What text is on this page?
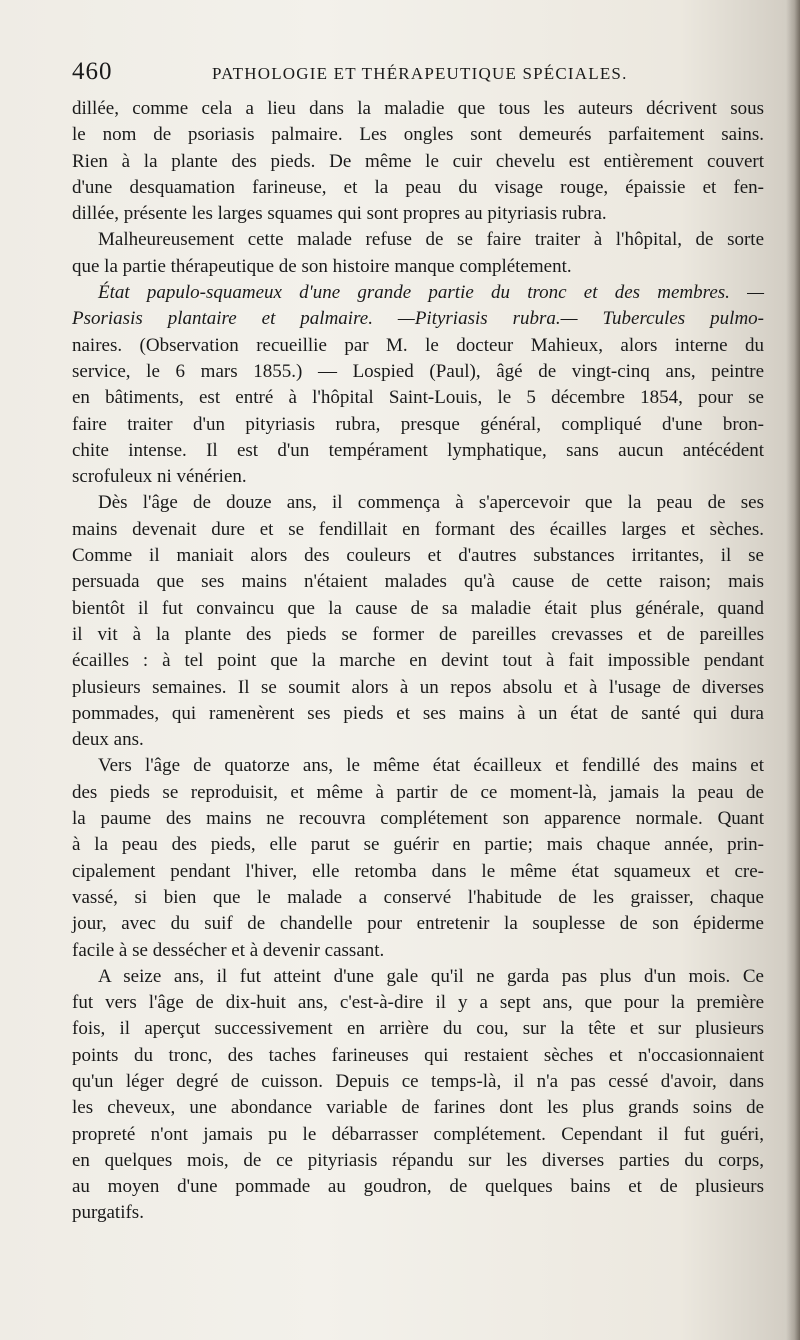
460	PATHOLOGIE ET THÉRAPEUTIQUE SPÉCIALES.
dillée, comme cela a lieu dans la maladie que tous les auteurs décrivent sous
le nom de psoriasis palmaire. Les ongles sont demeurés parfaitement sains.
Rien à la plante des pieds. De même le cuir chevelu est entièrement couvert
d'une desquamation farineuse, et la peau du visage rouge, épaissie et fen-
dillée, présente les larges squames qui sont propres au pityriasis rubra.
Malheureusement cette malade refuse de se faire traiter à l'hôpital, de sorte
que la partie thérapeutique de son histoire manque complétement.
État papulo-squameux d'une grande partie du tronc et des membres. —
Psoriasis plantaire et palmaire. —Pityriasis rubra.— Tubercules pulmo-
naires. (Observation recueillie par M. le docteur Mahieux, alors interne du
service, le 6 mars 1855.) — Lospied (Paul), âgé de vingt-cinq ans, peintre
en bâtiments, est entré à l'hôpital Saint-Louis, le 5 décembre 1854, pour se
faire traiter d'un pityriasis rubra, presque général, compliqué d'une bron-
chite intense. Il est d'un tempérament lymphatique, sans aucun antécédent
scrofuleux ni vénérien.
Dès l'âge de douze ans, il commença à s'apercevoir que la peau de ses
mains devenait dure et se fendillait en formant des écailles larges et sèches.
Comme il maniait alors des couleurs et d'autres substances irritantes, il se
persuada que ses mains n'étaient malades qu'à cause de cette raison; mais
bientôt il fut convaincu que la cause de sa maladie était plus générale, quand
il vit à la plante des pieds se former de pareilles crevasses et de pareilles
écailles : à tel point que la marche en devint tout à fait impossible pendant
plusieurs semaines. Il se soumit alors à un repos absolu et à l'usage de diverses
pommades, qui ramenèrent ses pieds et ses mains à un état de santé qui dura
deux ans.
Vers l'âge de quatorze ans, le même état écailleux et fendillé des mains et
des pieds se reproduisit, et même à partir de ce moment-là, jamais la peau de
la paume des mains ne recouvra complétement son apparence normale. Quant
à la peau des pieds, elle parut se guérir en partie; mais chaque année, prin-
cipalement pendant l'hiver, elle retomba dans le même état squameux et cre-
vassé, si bien que le malade a conservé l'habitude de les graisser, chaque
jour, avec du suif de chandelle pour entretenir la souplesse de son épiderme
facile à se dessécher et à devenir cassant.
A seize ans, il fut atteint d'une gale qu'il ne garda pas plus d'un mois. Ce
fut vers l'âge de dix-huit ans, c'est-à-dire il y a sept ans, que pour la première
fois, il aperçut successivement en arrière du cou, sur la tête et sur plusieurs
points du tronc, des taches farineuses qui restaient sèches et n'occasionnaient
qu'un léger degré de cuisson. Depuis ce temps-là, il n'a pas cessé d'avoir, dans
les cheveux, une abondance variable de farines dont les plus grands soins de
propreté n'ont jamais pu le débarrasser complétement. Cependant il fut guéri,
en quelques mois, de ce pityriasis répandu sur les diverses parties du corps,
au moyen d'une pommade au goudron, de quelques bains et de plusieurs
purgatifs.
